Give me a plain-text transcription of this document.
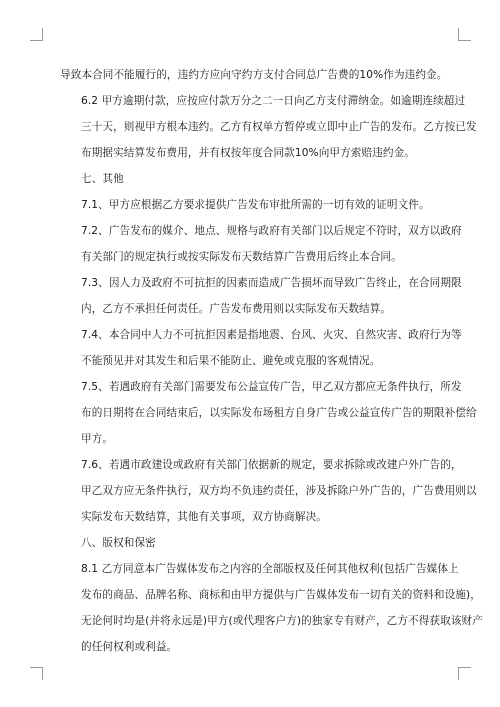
导致本合同不能履行的，违约方应向守约方支付合同总广告费的10%作为违约金。

6.2 甲方逾期付款，应按应付款万分之二一日向乙方支付滞纳金。如逾期连续超过
三十天，则视甲方根本违约。乙方有权单方暂停或立即中止广告的发布。乙方按已发
布期据实结算发布费用，并有权按年度合同款10%向甲方索赔违约金。

七、其他

7.1、甲方应根据乙方要求提供广告发布审批所需的一切有效的证明文件。

7.2、广告发布的媒介、地点、规格与政府有关部门以后规定不符时，双方以政府
有关部门的规定执行或按实际发布天数结算广告费用后终止本合同。

7.3、因人力及政府不可抗拒的因素而造成广告损坏而导致广告终止，在合同期限
内，乙方不承担任何责任。广告发布费用则以实际发布天数结算。

7.4、本合同中人力不可抗拒因素是指地震、台风、火灾、自然灾害、政府行为等
不能预见并对其发生和后果不能防止、避免或克服的客观情况。

7.5、若遇政府有关部门需要发布公益宣传广告，甲乙双方都应无条件执行，所发
布的日期将在合同结束后，以实际发布场租方自身广告或公益宣传广告的期限补偿给
甲方。

7.6、若遇市政建设或政府有关部门依据新的规定，要求拆除或改建户外广告的，
甲乙双方应无条件执行，双方均不负违约责任，涉及拆除户外广告的，广告费用则以
实际发布天数结算，其他有关事项，双方协商解决。

八、版权和保密

8.1 乙方同意本广告媒体发布之内容的全部版权及任何其他权利(包括广告媒体上
发布的商品、品牌名称、商标和由甲方提供与广告媒体发布一切有关的资料和设施)，
无论何时均是(并将永远是)甲方(或代理客户方)的独家专有财产，乙方不得获取该财产
的任何权利或利益。
